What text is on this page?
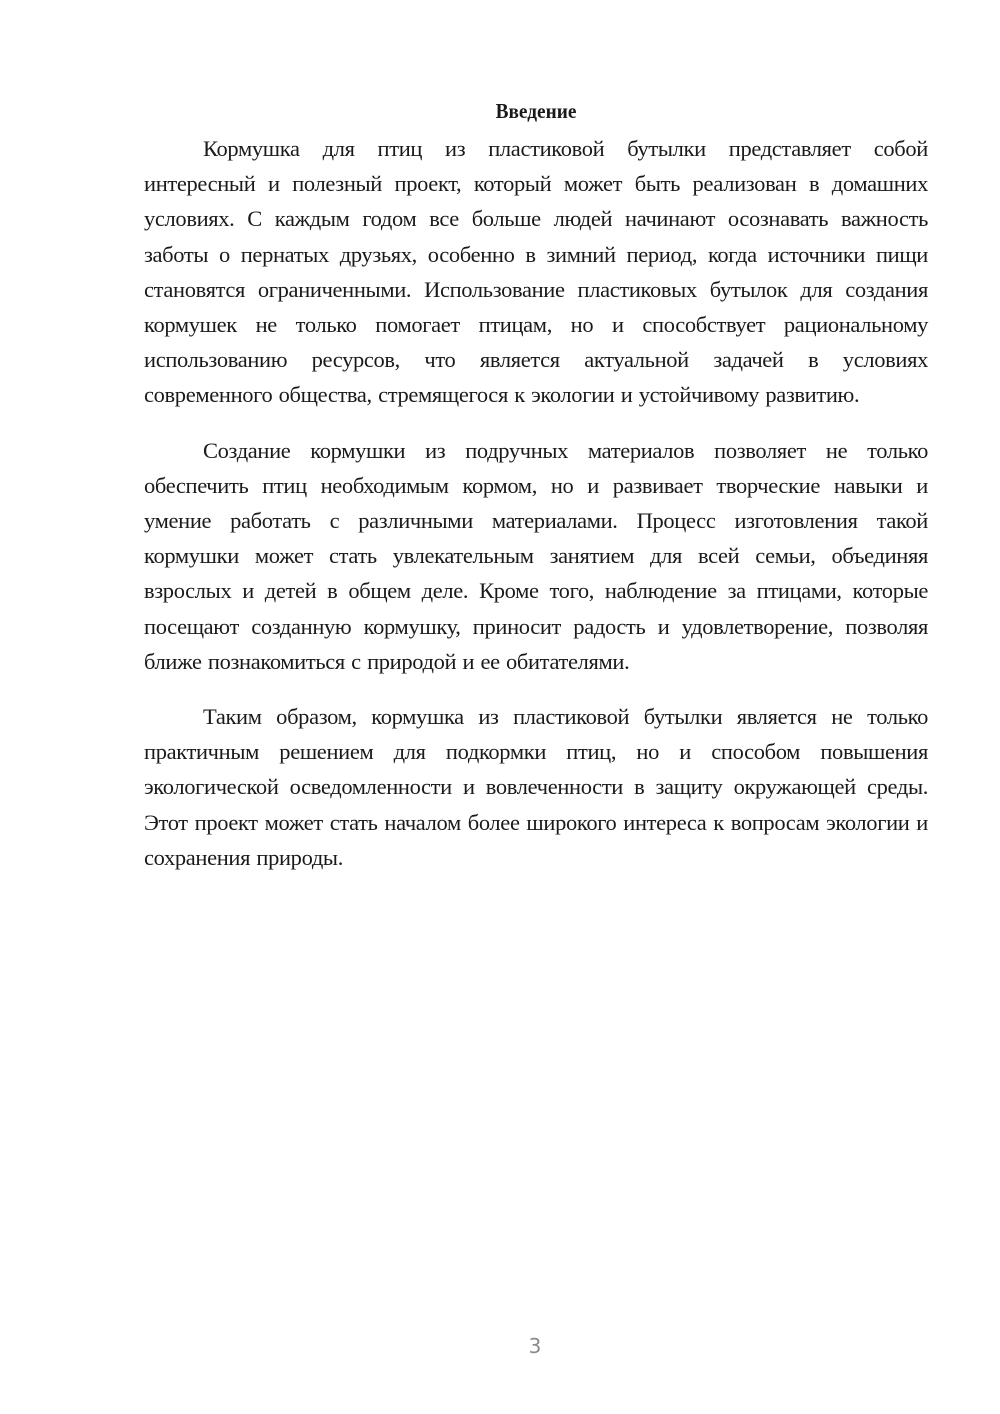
Введение

Кормушка для птиц из пластиковой бутылки представляет собой интересный и полезный проект, который может быть реализован в домашних условиях. С каждым годом все больше людей начинают осознавать важность заботы о пернатых друзьях, особенно в зимний период, когда источники пищи становятся ограниченными. Использование пластиковых бутылок для создания кормушек не только помогает птицам, но и способствует рациональному использованию ресурсов, что является актуальной задачей в условиях современного общества, стремящегося к экологии и устойчивому развитию.

Создание кормушки из подручных материалов позволяет не только обеспечить птиц необходимым кормом, но и развивает творческие навыки и умение работать с различными материалами. Процесс изготовления такой кормушки может стать увлекательным занятием для всей семьи, объединяя взрослых и детей в общем деле. Кроме того, наблюдение за птицами, которые посещают созданную кормушку, приносит радость и удовлетворение, позволяя ближе познакомиться с природой и ее обитателями.

Таким образом, кормушка из пластиковой бутылки является не только практичным решением для подкормки птиц, но и способом повышения экологической осведомленности и вовлеченности в защиту окружающей среды. Этот проект может стать началом более широкого интереса к вопросам экологии и сохранения природы.

3
